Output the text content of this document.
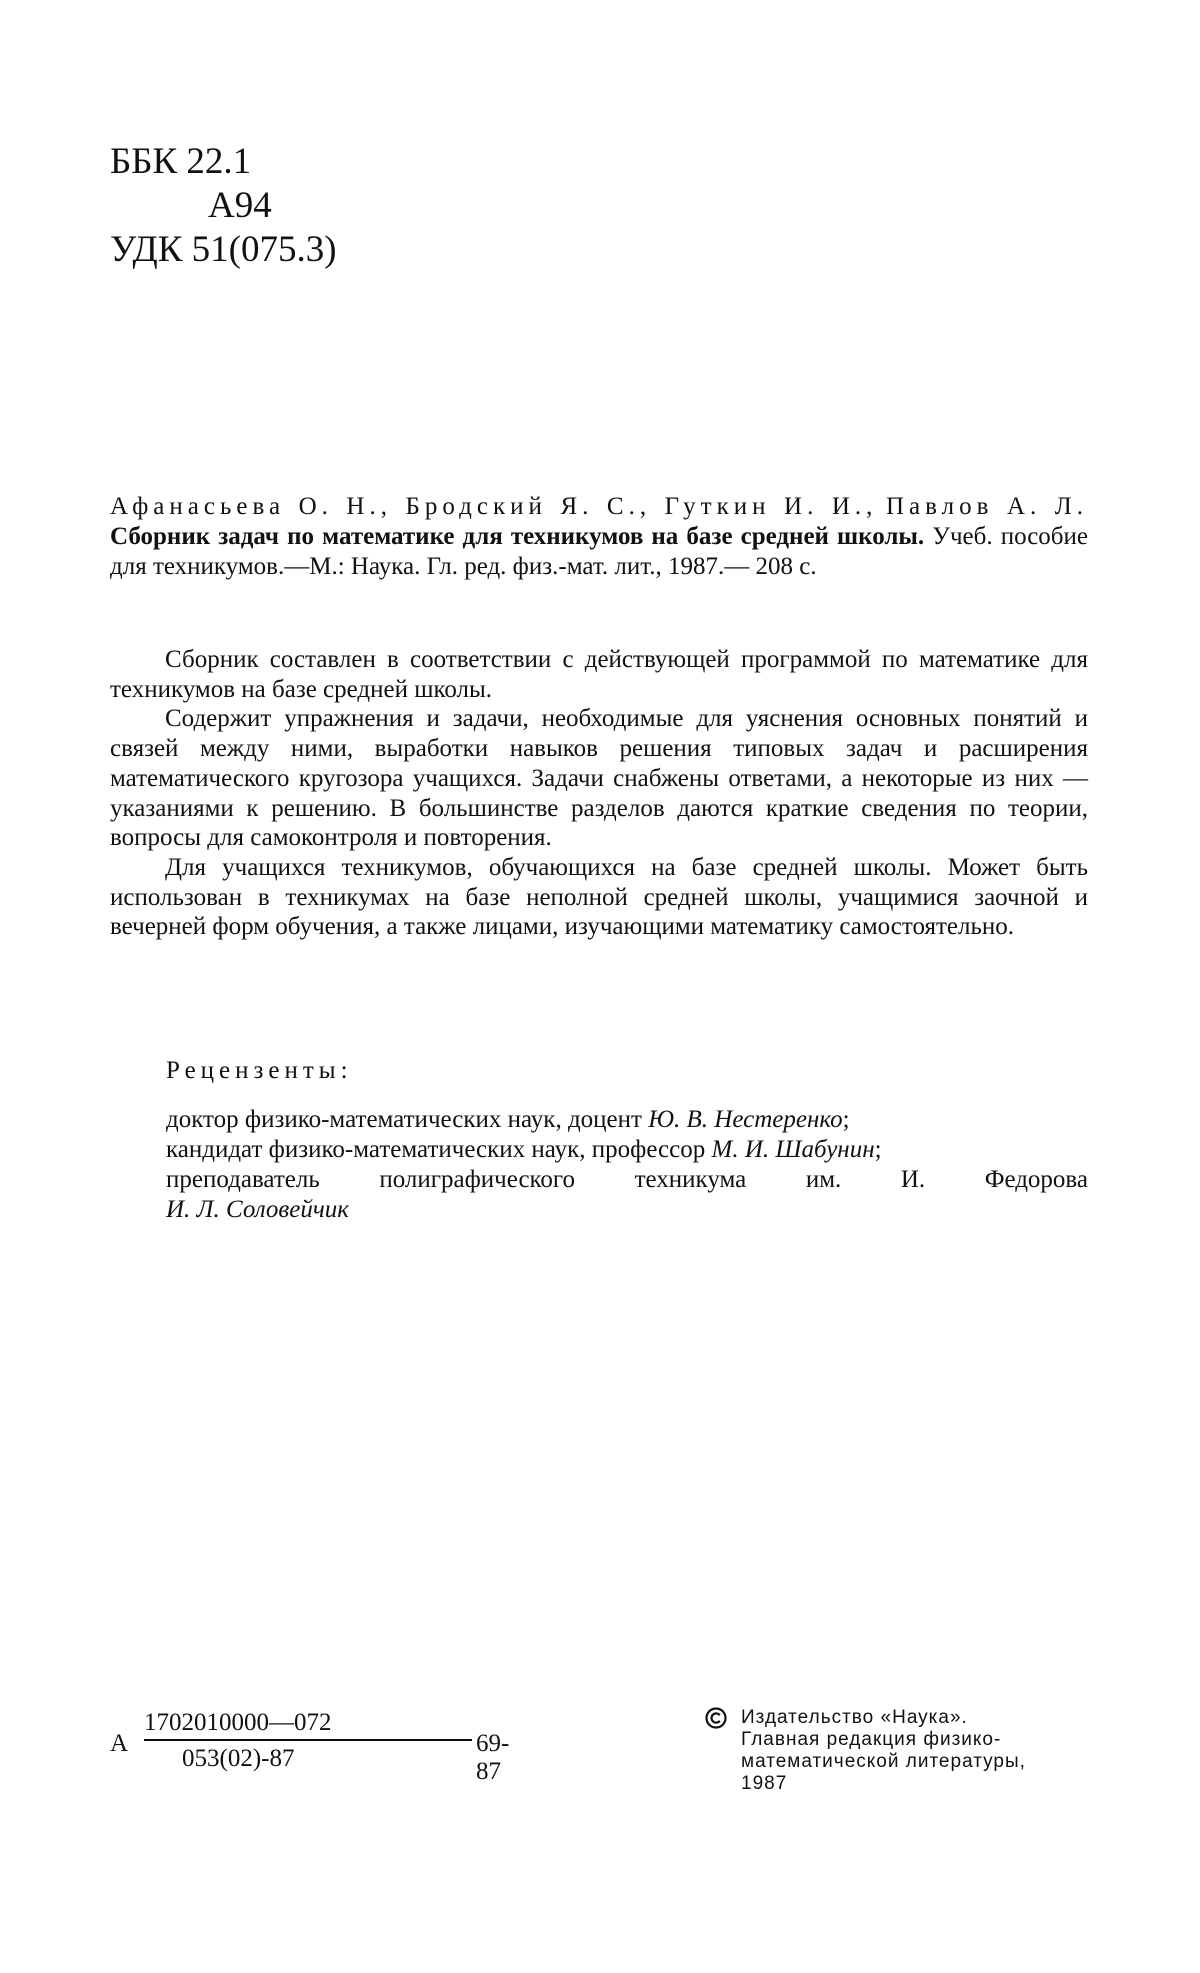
ББК 22.1
А94
УДК 51(075.3)
Афанасьева О. Н., Бродский Я. С., Гуткин И. И., Павлов А. Л. Сборник задач по математике для техникумов на базе средней школы. Учеб. пособие для техникумов.—М.: Наука. Гл. ред. физ.-мат. лит., 1987.— 208 с.

Сборник составлен в соответствии с действующей программой по математике для техникумов на базе средней школы.

Содержит упражнения и задачи, необходимые для уяснения основных понятий и связей между ними, выработки навыков решения типовых задач и расширения математического кругозора учащихся. Задачи снабжены ответами, а некоторые из них — указаниями к решению. В большинстве разделов даются краткие сведения по теории, вопросы для самоконтроля и повторения.

Для учащихся техникумов, обучающихся на базе средней школы. Может быть использован в техникумах на базе неполной средней школы, учащимися заочной и вечерней форм обучения, а также лицами, изучающими математику самостоятельно.

Рецензенты:
доктор физико-математических наук, доцент Ю. В. Нестеренко;
кандидат физико-математических наук, профессор М. И. Шабунин;
преподаватель полиграфического техникума им. И. Федорова
И. Л. Соловейчик
А
1702010000—072
053(02)-87
69-87
Издательство «Наука».
Главная редакция физико-
математической литературы,
1987
